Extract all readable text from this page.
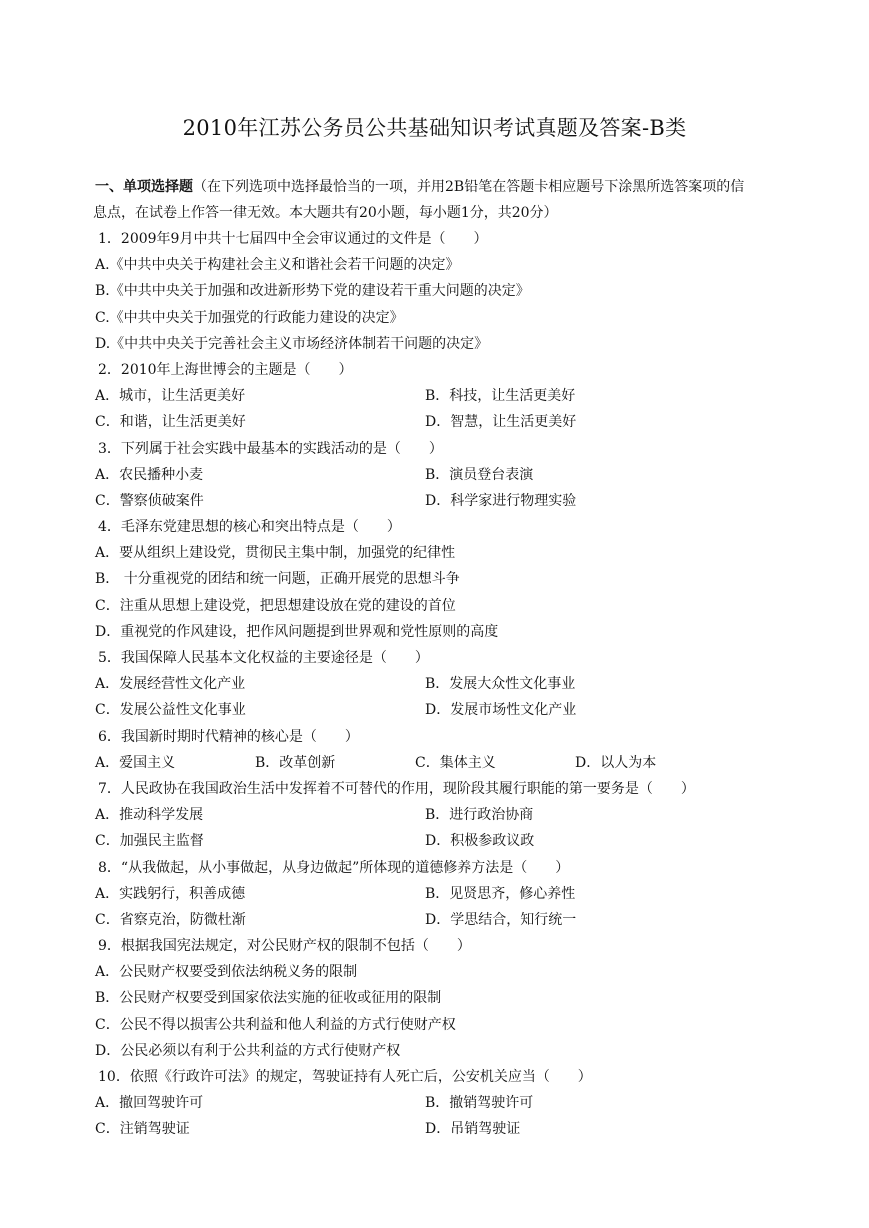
2010年江苏公务员公共基础知识考试真题及答案-B类
一、单项选择题（在下列选项中选择最恰当的一项，并用2B铅笔在答题卡相应题号下涂黑所选答案项的信
息点，在试卷上作答一律无效。本大题共有20小题，每小题1分，共20分）
1．2009年9月中共十七届四中全会审议通过的文件是（　　）
A.《中共中央关于构建社会主义和谐社会若干问题的决定》
B.《中共中央关于加强和改进新形势下党的建设若干重大问题的决定》
C.《中共中央关于加强党的行政能力建设的决定》
D.《中共中央关于完善社会主义市场经济体制若干问题的决定》
2．2010年上海世博会的主题是（　　）
A．城市，让生活更美好	B．科技，让生活更美好
C．和谐，让生活更美好	D．智慧，让生活更美好
3．下列属于社会实践中最基本的实践活动的是（　　）
A．农民播种小麦	B．演员登台表演
C．警察侦破案件	D．科学家进行物理实验
4．毛泽东党建思想的核心和突出特点是（　　）
A．要从组织上建设党，贯彻民主集中制，加强党的纪律性
B． 十分重视党的团结和统一问题，正确开展党的思想斗争
C．注重从思想上建设党，把思想建设放在党的建设的首位
D．重视党的作风建设，把作风问题提到世界观和党性原则的高度
5．我国保障人民基本文化权益的主要途径是（　　）
A．发展经营性文化产业	B．发展大众性文化事业
C．发展公益性文化事业	D．发展市场性文化产业
6．我国新时期时代精神的核心是（　　）
A．爱国主义	B．改革创新	C．集体主义	D．以人为本
7．人民政协在我国政治生活中发挥着不可替代的作用，现阶段其履行职能的第一要务是（　　）
A．推动科学发展	B．进行政治协商
C．加强民主监督	D．积极参政议政
8．“从我做起，从小事做起，从身边做起”所体现的道德修养方法是（　　）
A．实践躬行，积善成德	B．见贤思齐，修心养性
C．省察克治，防微杜渐	D．学思结合，知行统一
9．根据我国宪法规定，对公民财产权的限制不包括（　　）
A．公民财产权要受到依法纳税义务的限制
B．公民财产权要受到国家依法实施的征收或征用的限制
C．公民不得以损害公共利益和他人利益的方式行使财产权
D．公民必须以有利于公共利益的方式行使财产权
10．依照《行政许可法》的规定，驾驶证持有人死亡后，公安机关应当（　　）
A．撤回驾驶许可	B．撤销驾驶许可
C．注销驾驶证	D．吊销驾驶证
